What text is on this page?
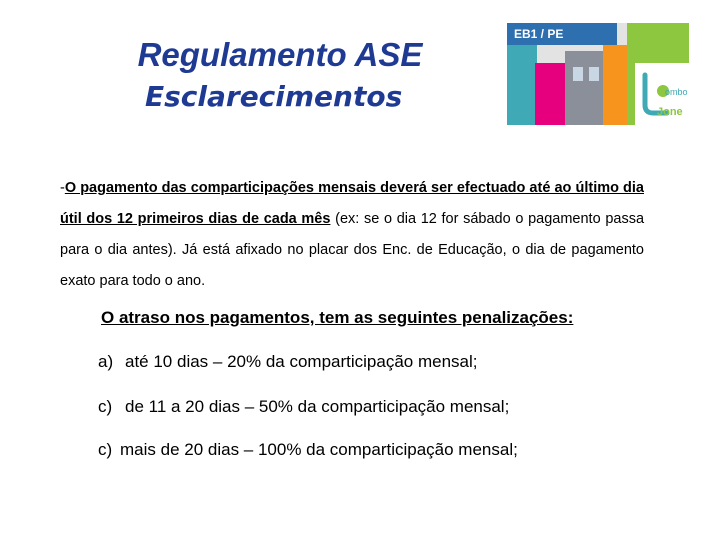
Regulamento ASE
Esclarecimentos
EB1 / PE
ombo
Jone
-O pagamento das comparticipações mensais deverá ser efectuado até ao último dia útil dos 12 primeiros dias de cada mês (ex: se o dia 12 for sábado o pagamento passa para o dia antes). Já está afixado no placar dos Enc. de Educação, o dia de pagamento exato para todo o ano.
O atraso nos pagamentos, tem as seguintes penalizações:
a) até 10 dias – 20% da comparticipação mensal;
c) de 11 a 20 dias – 50% da comparticipação mensal;
c) mais de 20 dias – 100% da comparticipação mensal;
